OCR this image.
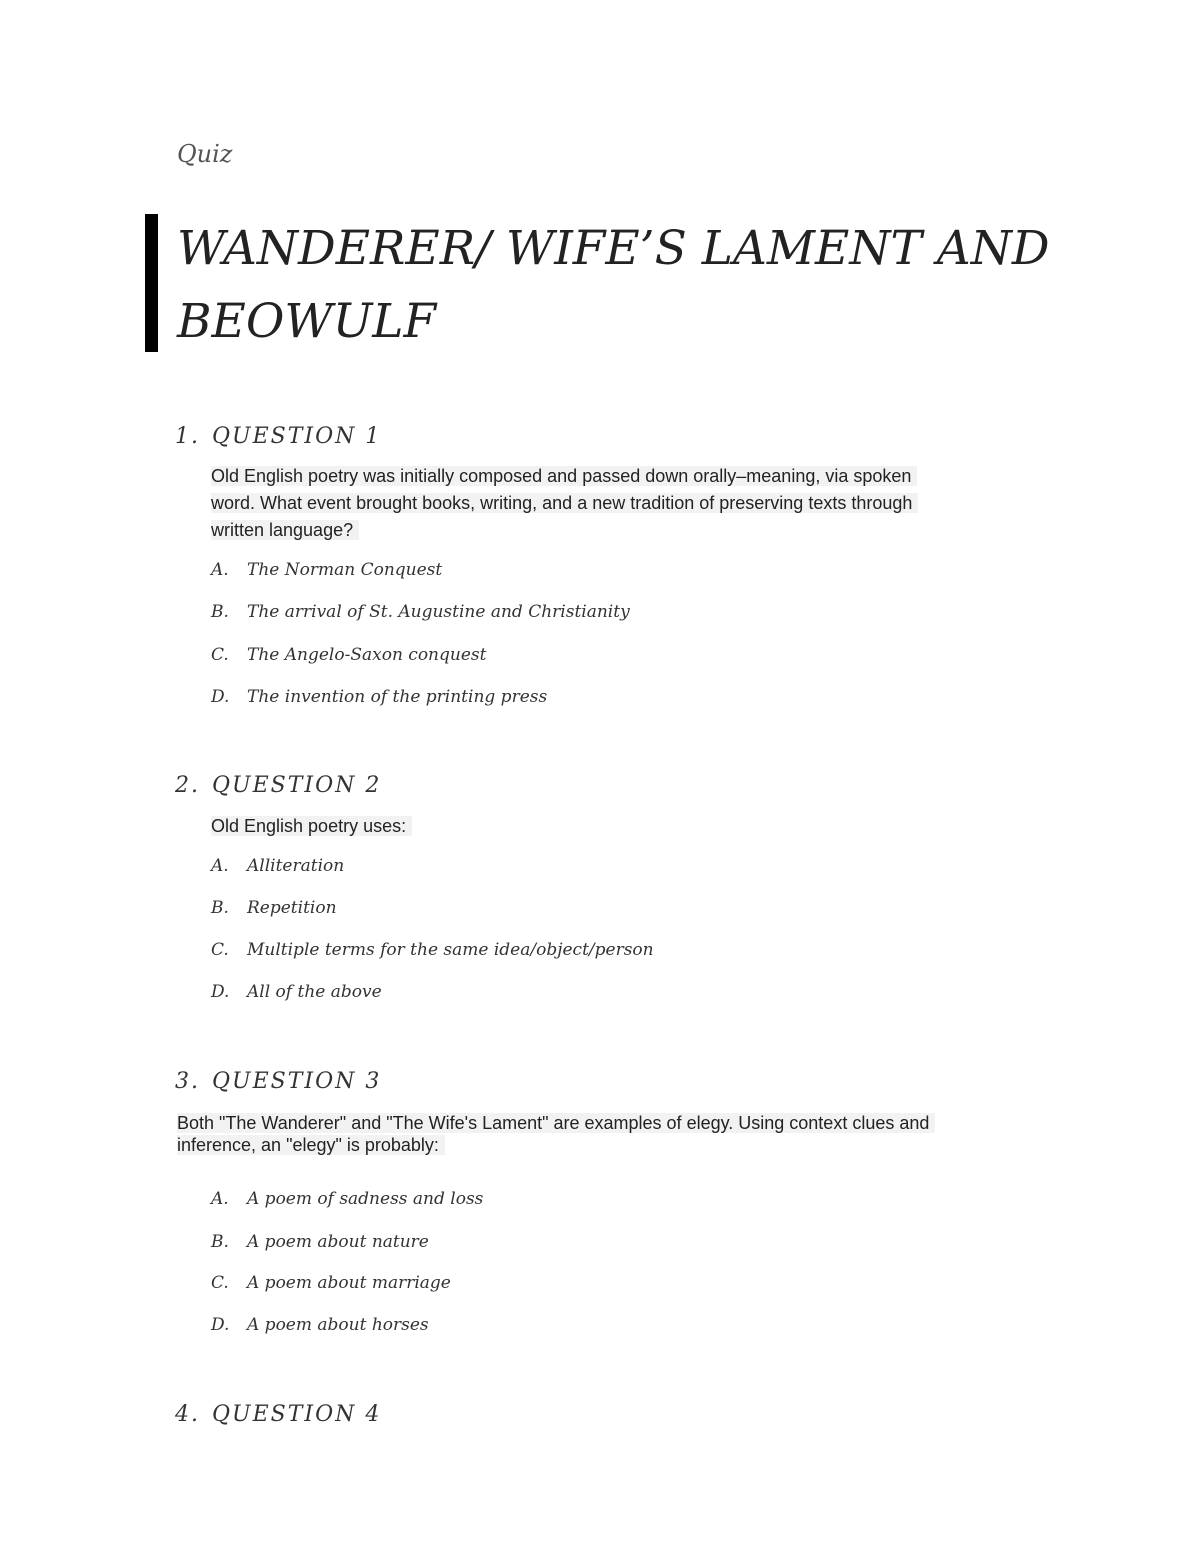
Quiz

WANDERER/ WIFE’S LAMENT AND
BEOWULF
1. QUESTION 1

Old English poetry was initially composed and passed down orally–meaning, via spoken
word. What event brought books, writing, and a new tradition of preserving texts through
written language?

A. The Norman Conquest

B. The arrival of St. Augustine and Christianity

C. The Angelo-Saxon conquest

D. The invention of the printing press

2. QUESTION 2

Old English poetry uses:

A. Alliteration

B. Repetition

C. Multiple terms for the same idea/object/person

D. All of the above

3. QUESTION 3

Both "The Wanderer" and "The Wife's Lament" are examples of elegy. Using context clues and
inference, an "elegy" is probably:

A. A poem of sadness and loss

B. A poem about nature

C. A poem about marriage

D. A poem about horses

4. QUESTION 4
